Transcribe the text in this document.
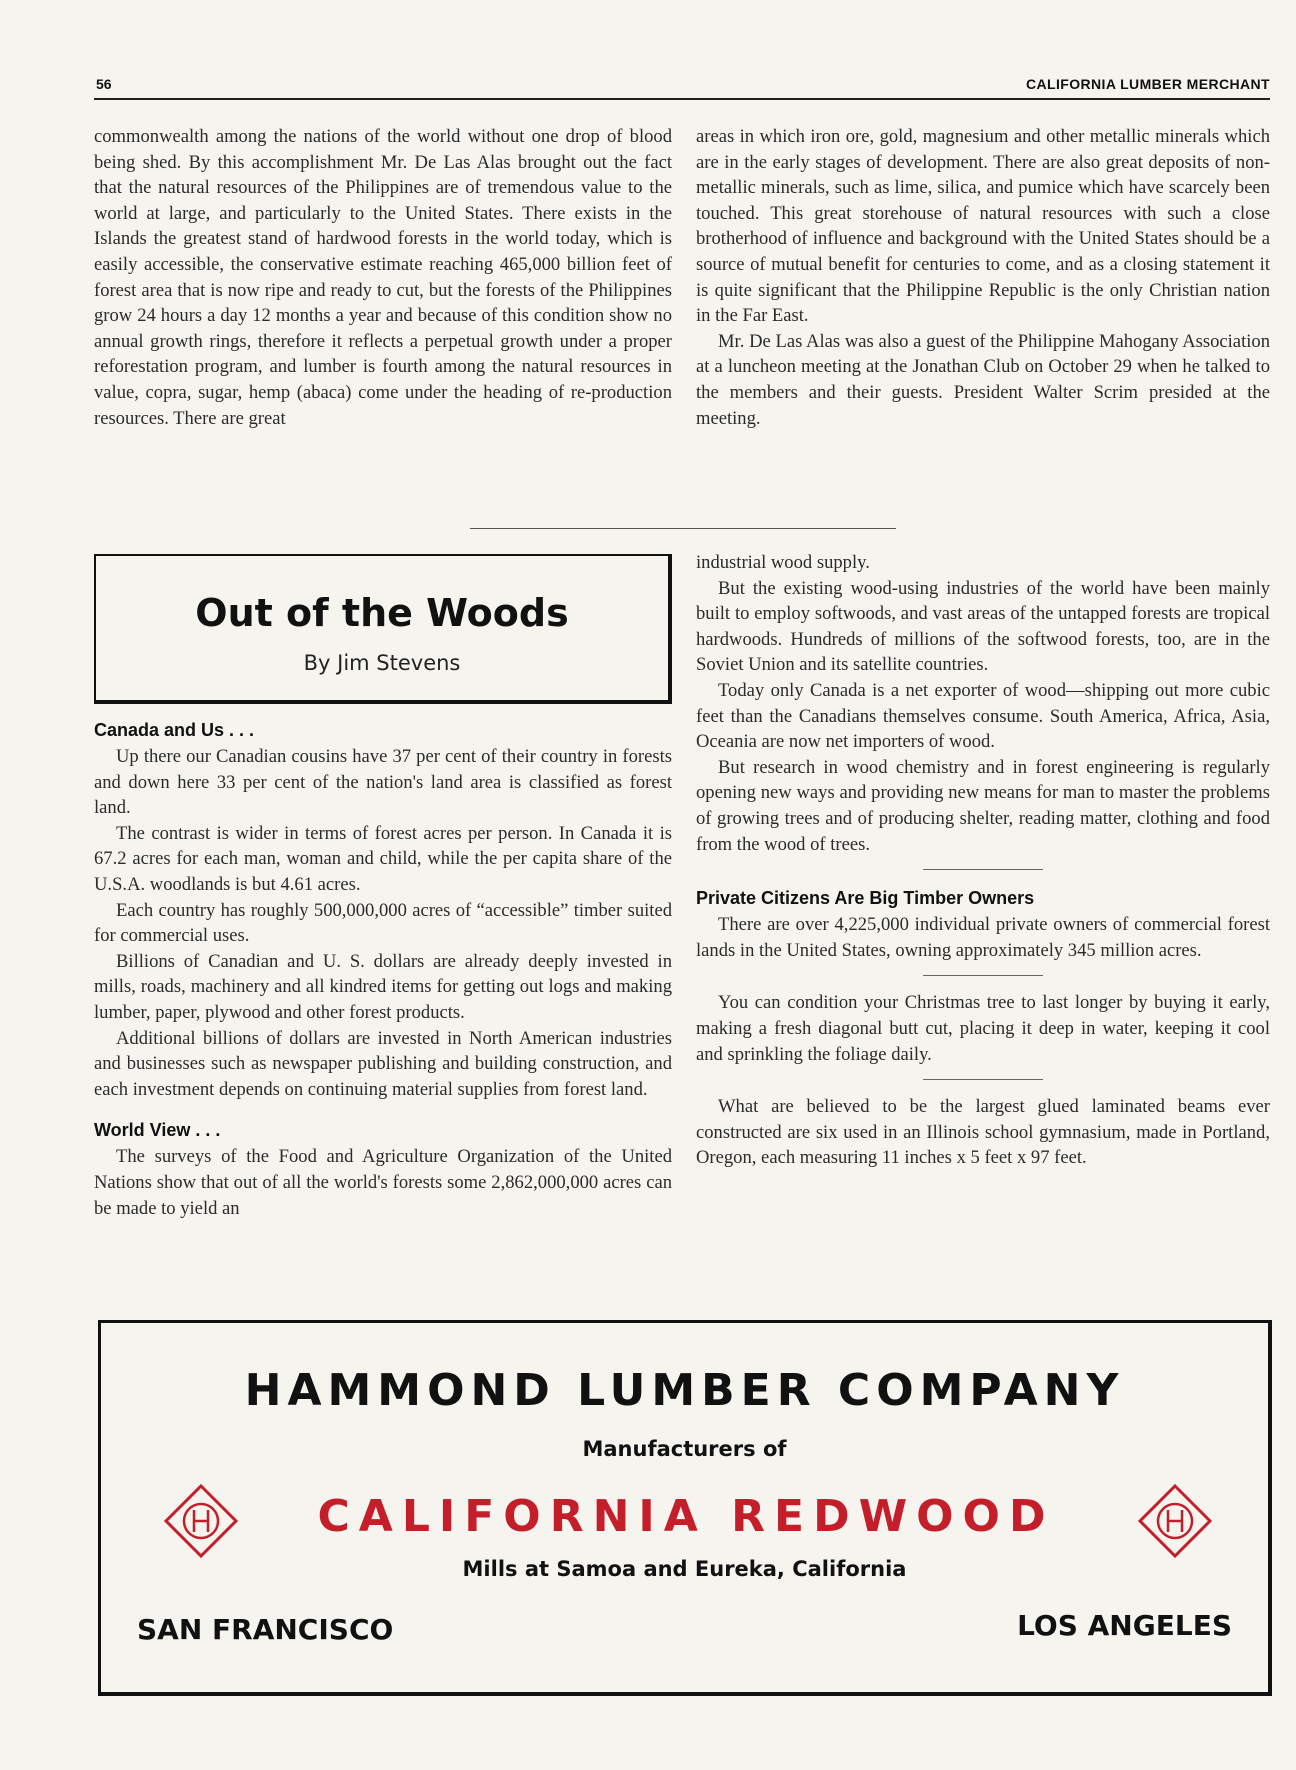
56	CALIFORNIA LUMBER MERCHANT

commonwealth among the nations of the world without one drop of blood being shed. By this accomplishment Mr. De Las Alas brought out the fact that the natural resources of the Philippines are of tremendous value to the world at large, and particularly to the United States. There exists in the Islands the greatest stand of hardwood forests in the world today, which is easily accessible, the conservative estimate reaching 465,000 billion feet of forest area that is now ripe and ready to cut, but the forests of the Philippines grow 24 hours a day 12 months a year and because of this condition show no annual growth rings, therefore it reflects a perpetual growth under a proper reforestation program, and lumber is fourth among the natural resources in value, copra, sugar, hemp (abaca) come under the heading of re-production resources. There are great

areas in which iron ore, gold, magnesium and other metallic minerals which are in the early stages of development. There are also great deposits of non-metallic minerals, such as lime, silica, and pumice which have scarcely been touched. This great storehouse of natural resources with such a close brotherhood of influence and background with the United States should be a source of mutual benefit for centuries to come, and as a closing statement it is quite significant that the Philippine Republic is the only Christian nation in the Far East.

Mr. De Las Alas was also a guest of the Philippine Mahogany Association at a luncheon meeting at the Jonathan Club on October 29 when he talked to the members and their guests. President Walter Scrim presided at the meeting.

Out of the Woods
By Jim Stevens
Canada and Us . . .

Up there our Canadian cousins have 37 per cent of their country in forests and down here 33 per cent of the nation's land area is classified as forest land.

The contrast is wider in terms of forest acres per person. In Canada it is 67.2 acres for each man, woman and child, while the per capita share of the U.S.A. woodlands is but 4.61 acres.

Each country has roughly 500,000,000 acres of “accessible” timber suited for commercial uses.

Billions of Canadian and U. S. dollars are already deeply invested in mills, roads, machinery and all kindred items for getting out logs and making lumber, paper, plywood and other forest products.

Additional billions of dollars are invested in North American industries and businesses such as newspaper publishing and building construction, and each investment depends on continuing material supplies from forest land.

World View . . .

The surveys of the Food and Agriculture Organization of the United Nations show that out of all the world's forests some 2,862,000,000 acres can be made to yield an

industrial wood supply.

But the existing wood-using industries of the world have been mainly built to employ softwoods, and vast areas of the untapped forests are tropical hardwoods. Hundreds of millions of the softwood forests, too, are in the Soviet Union and its satellite countries.

Today only Canada is a net exporter of wood—shipping out more cubic feet than the Canadians themselves consume. South America, Africa, Asia, Oceania are now net importers of wood.

But research in wood chemistry and in forest engineering is regularly opening new ways and providing new means for man to master the problems of growing trees and of producing shelter, reading matter, clothing and food from the wood of trees.

Private Citizens Are Big Timber Owners

There are over 4,225,000 individual private owners of commercial forest lands in the United States, owning approximately 345 million acres.

You can condition your Christmas tree to last longer by buying it early, making a fresh diagonal butt cut, placing it deep in water, keeping it cool and sprinkling the foliage daily.

What are believed to be the largest glued laminated beams ever constructed are six used in an Illinois school gymnasium, made in Portland, Oregon, each measuring 11 inches x 5 feet x 97 feet.

HAMMOND LUMBER COMPANY
Manufacturers of
CALIFORNIA REDWOOD
Mills at Samoa and Eureka, California
SAN FRANCISCO	LOS ANGELES
